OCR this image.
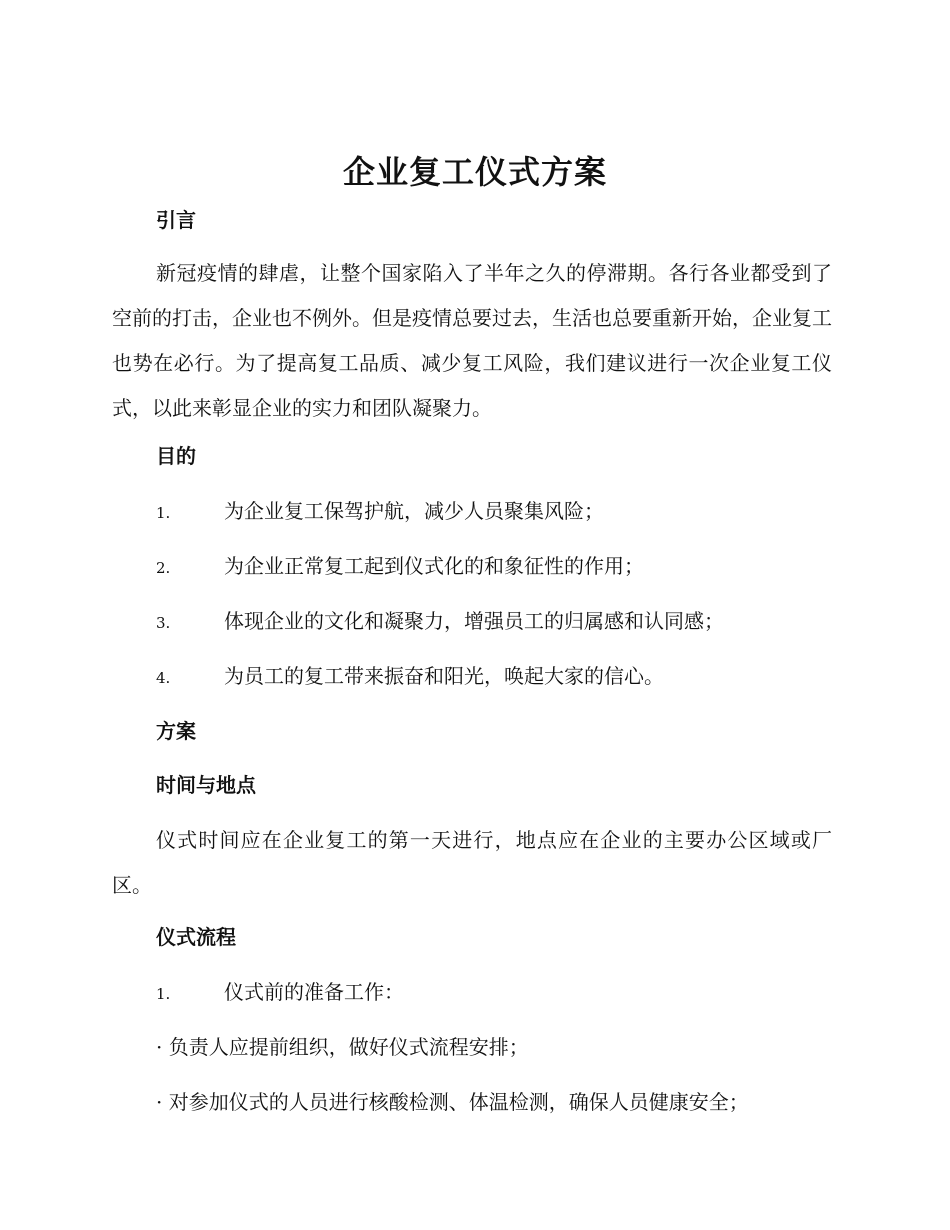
企业复工仪式方案
引言
新冠疫情的肆虐，让整个国家陷入了半年之久的停滞期。各行各业都受到了空前的打击，企业也不例外。但是疫情总要过去，生活也总要重新开始，企业复工也势在必行。为了提高复工品质、减少复工风险，我们建议进行一次企业复工仪式，以此来彰显企业的实力和团队凝聚力。
目的
1.	为企业复工保驾护航，减少人员聚集风险；
2.	为企业正常复工起到仪式化的和象征性的作用；
3.	体现企业的文化和凝聚力，增强员工的归属感和认同感；
4.	为员工的复工带来振奋和阳光，唤起大家的信心。
方案
时间与地点
仪式时间应在企业复工的第一天进行，地点应在企业的主要办公区域或厂区。
仪式流程
1.	仪式前的准备工作：
· 负责人应提前组织，做好仪式流程安排；
· 对参加仪式的人员进行核酸检测、体温检测，确保人员健康安全；
